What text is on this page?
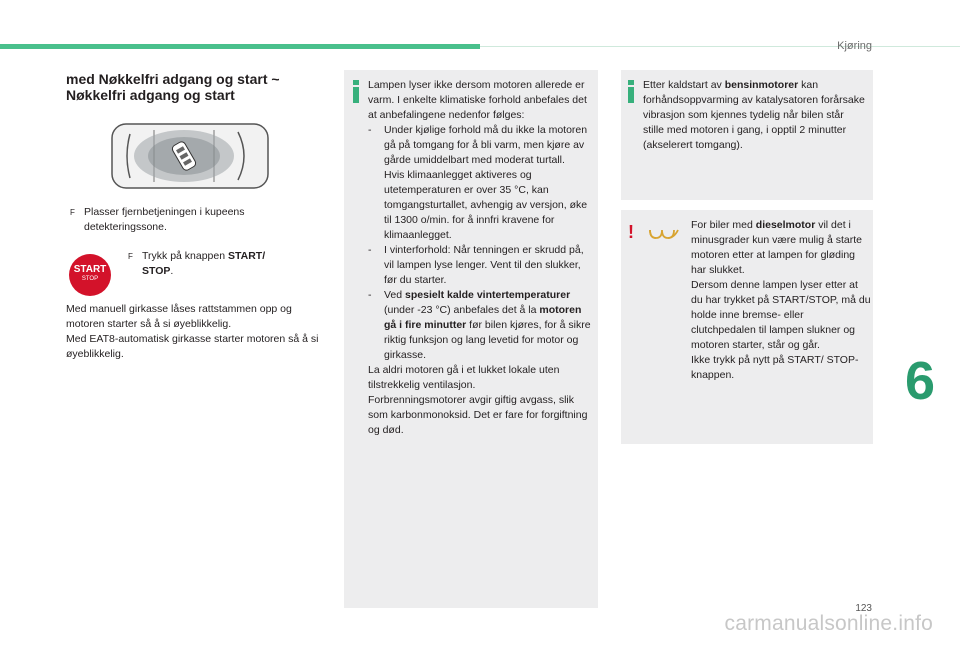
Kjøring
6
123
carmanualsonline.info
med Nøkkelfri adgang og start ~ Nøkkelfri adgang og start
F Plasser fjernbetjeningen i kupeens detekteringssone.
START
STOP
F Trykk på knappen START/ STOP.
Med manuell girkasse låses rattstammen opp og motoren starter så å si øyeblikkelig.
Med EAT8-automatisk girkasse starter motoren så å si øyeblikkelig.
Lampen lyser ikke dersom motoren allerede er varm. I enkelte klimatiske forhold anbefales det at anbefalingene nedenfor følges:
-	Under kjølige forhold må du ikke la motoren gå på tomgang for å bli varm, men kjøre av gårde umiddelbart med moderat turtall.
Hvis klimaanlegget aktiveres og utetemperaturen er over 35 °C, kan tomgangsturtallet, avhengig av versjon, øke til 1300 o/min. for å innfri kravene for klimaanlegget.
-	I vinterforhold: Når tenningen er skrudd på, vil lampen lyse lenger. Vent til den slukker, før du starter.
-	Ved spesielt kalde vintertemperaturer (under -23 °C) anbefales det å la motoren gå i fire minutter før bilen kjøres, for å sikre riktig funksjon og lang levetid for motor og girkasse.
La aldri motoren gå i et lukket lokale uten tilstrekkelig ventilasjon.
Forbrenningsmotorer avgir giftig avgass, slik som karbonmonoksid. Det er fare for forgiftning og død.
Etter kaldstart av bensinmotorer kan forhåndsoppvarming av katalysatoren forårsake vibrasjon som kjennes tydelig når bilen står stille med motoren i gang, i opptil 2 minutter (akselerert tomgang).
!	For biler med dieselmotor vil det i minusgrader kun være mulig å starte motoren etter at lampen for gløding har slukket.
Dersom denne lampen lyser etter at du har trykket på START/STOP, må du holde inne bremse- eller clutchpedalen til lampen slukner og motoren starter, står og går.
Ikke trykk på nytt på START/ STOP-knappen.
